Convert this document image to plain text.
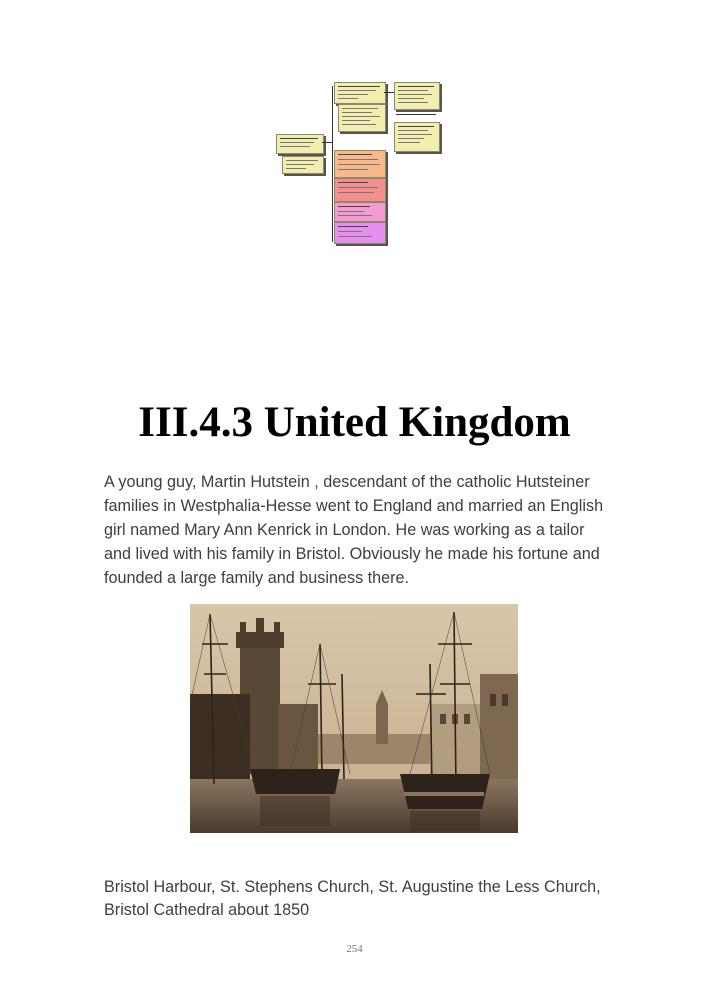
III.4.3 United Kingdom
A young guy, Martin Hutstein , descendant of the catholic Hutsteiner families in Westphalia-Hesse went to England and married an English girl named Mary Ann Kenrick in London. He was working as a tailor and lived with his family in Bristol. Obviously he made his fortune and founded a large family and business there.
Bristol Harbour, St. Stephens Church, St. Augustine the Less Church, Bristol Cathedral about 1850
254
